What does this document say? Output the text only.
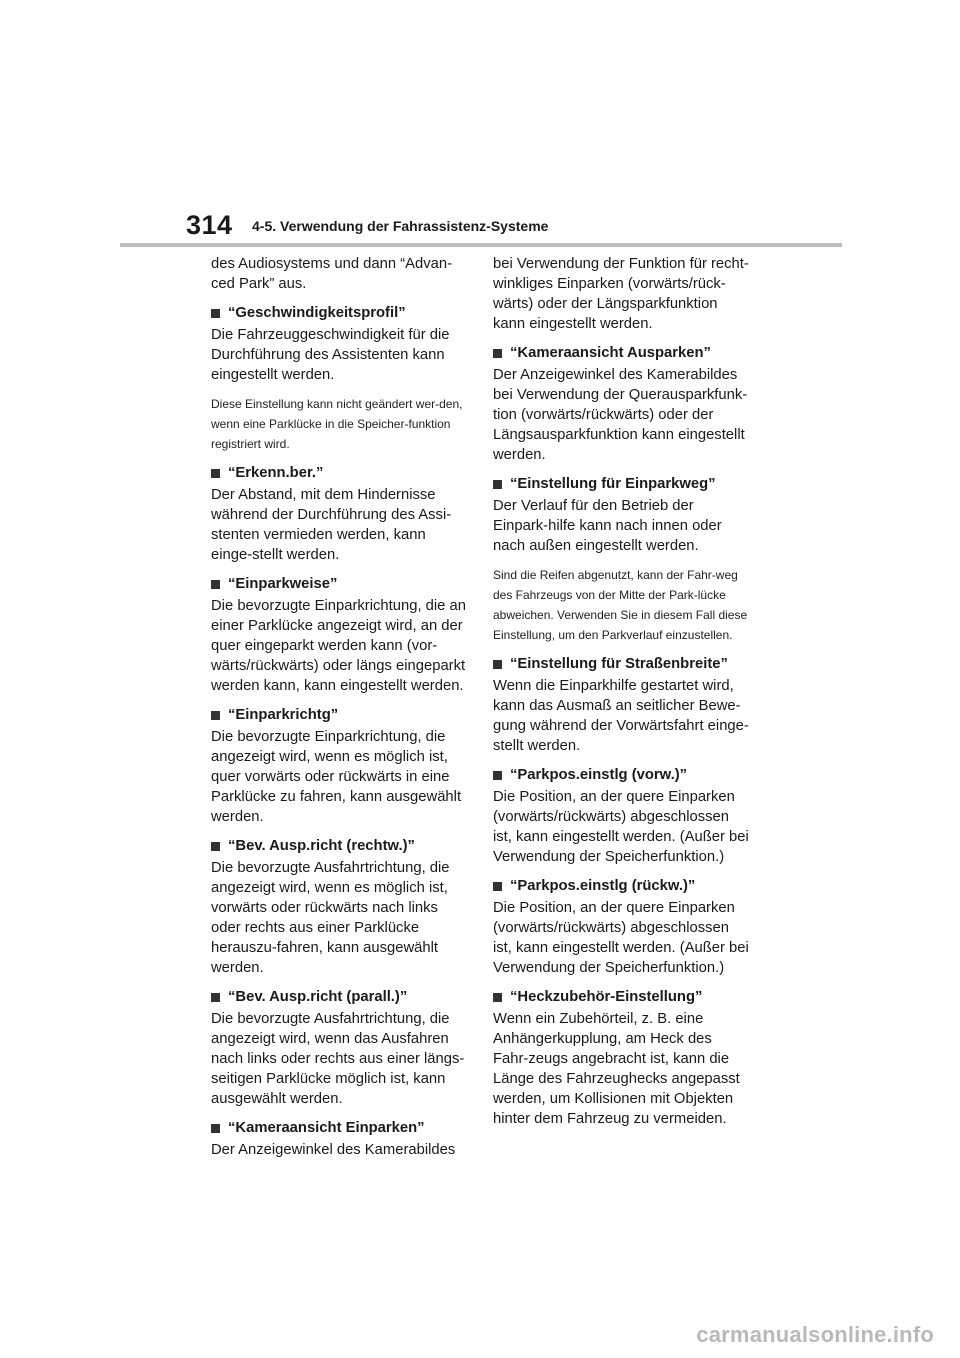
314 4-5. Verwendung der Fahrassistenz-Systeme

des Audiosystems und dann “Advan-ced Park” aus.

“Geschwindigkeitsprofil”

Die Fahrzeuggeschwindigkeit für die Durchführung des Assistenten kann eingestellt werden.

Diese Einstellung kann nicht geändert wer-den, wenn eine Parklücke in die Speicher-funktion registriert wird.

“Erkenn.ber.”

Der Abstand, mit dem Hindernisse während der Durchführung des Assi-stenten vermieden werden, kann einge-stellt werden.

“Einparkweise”

Die bevorzugte Einparkrichtung, die an einer Parklücke angezeigt wird, an der quer eingeparkt werden kann (vor-wärts/rückwärts) oder längs eingeparkt werden kann, kann eingestellt werden.

“Einparkrichtg”

Die bevorzugte Einparkrichtung, die angezeigt wird, wenn es möglich ist, quer vorwärts oder rückwärts in eine Parklücke zu fahren, kann ausgewählt werden.

“Bev. Ausp.richt (rechtw.)”

Die bevorzugte Ausfahrtrichtung, die angezeigt wird, wenn es möglich ist, vorwärts oder rückwärts nach links oder rechts aus einer Parklücke herauszu-fahren, kann ausgewählt werden.

“Bev. Ausp.richt (parall.)”

Die bevorzugte Ausfahrtrichtung, die angezeigt wird, wenn das Ausfahren nach links oder rechts aus einer längs-seitigen Parklücke möglich ist, kann ausgewählt werden.

“Kameraansicht Einparken”

Der Anzeigewinkel des Kamerabildes

bei Verwendung der Funktion für recht-winkliges Einparken (vorwärts/rück-wärts) oder der Längsparkfunktion kann eingestellt werden.

“Kameraansicht Ausparken”

Der Anzeigewinkel des Kamerabildes bei Verwendung der Querausparkfunk-tion (vorwärts/rückwärts) oder der Längsausparkfunktion kann eingestellt werden.

“Einstellung für Einparkweg”

Der Verlauf für den Betrieb der Einpark-hilfe kann nach innen oder nach außen eingestellt werden.

Sind die Reifen abgenutzt, kann der Fahr-weg des Fahrzeugs von der Mitte der Park-lücke abweichen. Verwenden Sie in diesem Fall diese Einstellung, um den Parkverlauf einzustellen.

“Einstellung für Straßenbreite”

Wenn die Einparkhilfe gestartet wird, kann das Ausmaß an seitlicher Bewe-gung während der Vorwärtsfahrt einge-stellt werden.

“Parkpos.einstlg (vorw.)”

Die Position, an der quere Einparken (vorwärts/rückwärts) abgeschlossen ist, kann eingestellt werden. (Außer bei Verwendung der Speicherfunktion.)

“Parkpos.einstlg (rückw.)”

Die Position, an der quere Einparken (vorwärts/rückwärts) abgeschlossen ist, kann eingestellt werden. (Außer bei Verwendung der Speicherfunktion.)

“Heckzubehör-Einstellung”

Wenn ein Zubehörteil, z. B. eine Anhängerkupplung, am Heck des Fahr-zeugs angebracht ist, kann die Länge des Fahrzeughecks angepasst werden, um Kollisionen mit Objekten hinter dem Fahrzeug zu vermeiden.

carmanualsonline.info
